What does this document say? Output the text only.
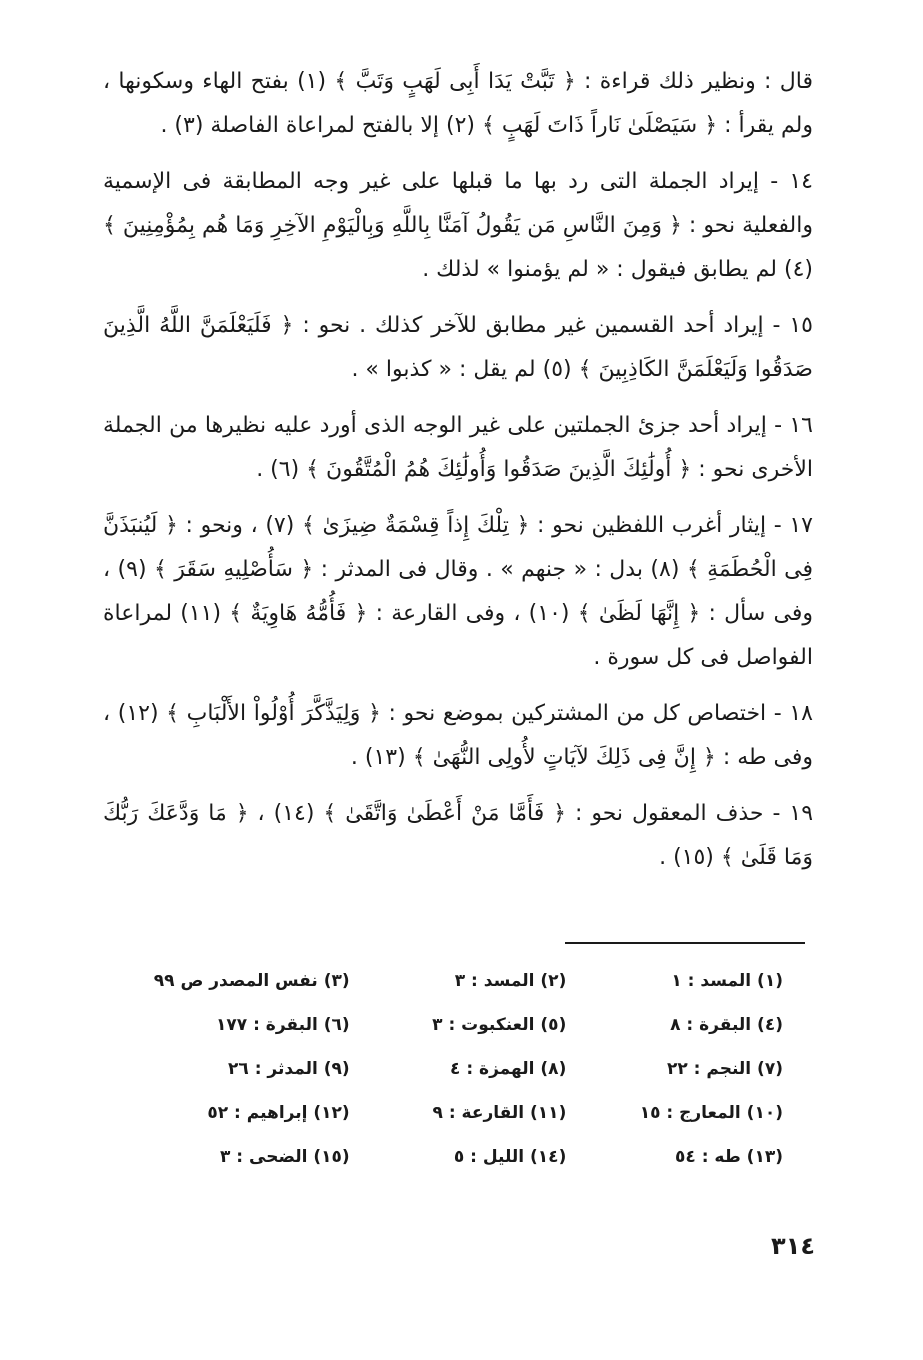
قال : ونظير ذلك قراءة : ﴿ تَبَّتْ يَدَا أَبِى لَهَبٍ وَتَبَّ ﴾ (١) بفتح الهاء وسكونها ، ولم يقرأ : ﴿ سَيَصْلَىٰ نَاراً ذَاتَ لَهَبٍ ﴾ (٢) إلا بالفتح لمراعاة الفاصلة (٣) .

١٤ - إيراد الجملة التى رد بها ما قبلها على غير وجه المطابقة فى الإسمية والفعلية نحو : ﴿ وَمِنَ النَّاسِ مَن يَقُولُ آمَنَّا بِاللَّهِ وَبِالْيَوْمِ الآخِرِ وَمَا هُم بِمُؤْمِنِينَ ﴾ (٤) لم يطابق فيقول : « لم يؤمنوا » لذلك .

١٥ - إيراد أحد القسمين غير مطابق للآخر كذلك . نحو : ﴿ فَلَيَعْلَمَنَّ اللَّهُ الَّذِينَ صَدَقُوا وَلَيَعْلَمَنَّ الكَاذِبِينَ ﴾ (٥) لم يقل : « كذبوا » .

١٦ - إيراد أحد جزئ الجملتين على غير الوجه الذى أورد عليه نظيرها من الجملة الأخرى نحو : ﴿ أُولَٰئِكَ الَّذِينَ صَدَقُوا وَأُولَٰئِكَ هُمُ الْمُتَّقُونَ ﴾ (٦) .

١٧ - إيثار أغرب اللفظين نحو : ﴿ تِلْكَ إِذاً قِسْمَةٌ ضِيزَىٰ ﴾ (٧) ، ونحو : ﴿ لَيُنبَذَنَّ فِى الْحُطَمَةِ ﴾ (٨) بدل : « جنهم » . وقال فى المدثر : ﴿ سَأُصْلِيهِ سَقَرَ ﴾ (٩) ، وفى سأل : ﴿ إِنَّهَا لَظَىٰ ﴾ (١٠) ، وفى القارعة : ﴿ فَأُمُّهُ هَاوِيَةٌ ﴾ (١١) لمراعاة الفواصل فى كل سورة .

١٨ - اختصاص كل من المشتركين بموضع نحو : ﴿ وَلِيَذَّكَّرَ أُوْلُواْ الأَلْبَابِ ﴾ (١٢) ، وفى طه : ﴿ إِنَّ فِى ذَلِكَ لآيَاتٍ لأُولِى النُّهَىٰ ﴾ (١٣) .

١٩ - حذف المعقول نحو : ﴿ فَأَمَّا مَنْ أَعْطَىٰ وَاتَّقَىٰ ﴾ (١٤) ، ﴿ مَا وَدَّعَكَ رَبُّكَ وَمَا قَلَىٰ ﴾ (١٥) .

(١) المسد : ١
(٢) المسد : ٣
(٣) نفس المصدر ص ٩٩
(٤) البقرة : ٨
(٥) العنكبوت : ٣
(٦) البقرة : ١٧٧
(٧) النجم : ٢٢
(٨) الهمزة : ٤
(٩) المدثر : ٢٦
(١٠) المعارج : ١٥
(١١) القارعة : ٩
(١٢) إبراهيم : ٥٢
(١٣) طه : ٥٤
(١٤) الليل : ٥
(١٥) الضحى : ٣
٣١٤
